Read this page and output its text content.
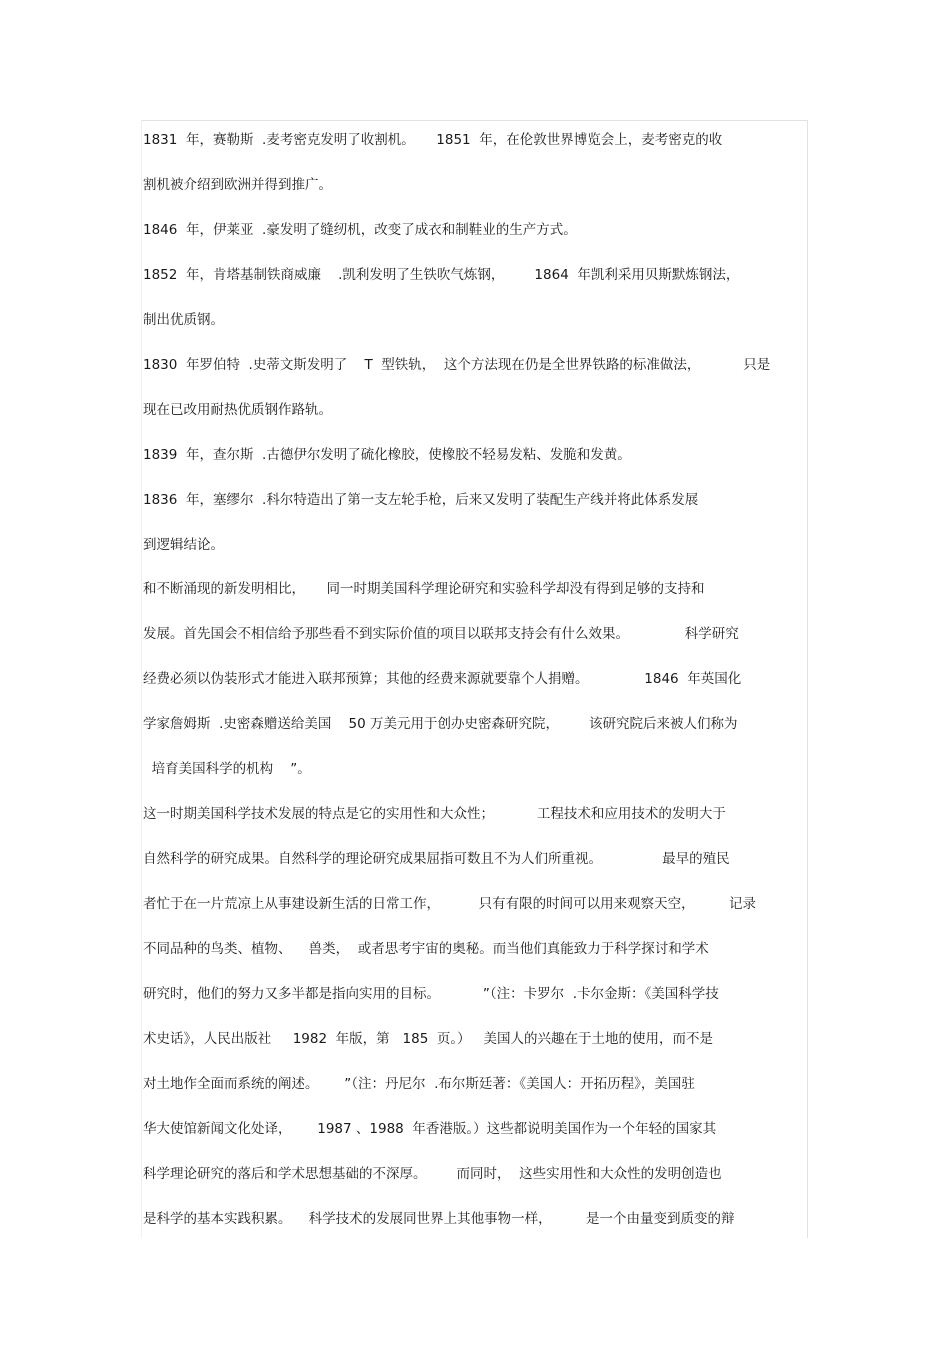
1831  年，赛勒斯  .麦考密克发明了收割机。     1851  年，在伦敦世界博览会上，麦考密克的收
割机被介绍到欧洲并得到推广。
1846  年，伊莱亚  .豪发明了缝纫机，改变了成衣和制鞋业的生产方式。
1852  年，肯塔基制铁商威廉    .凯利发明了生铁吹气炼钢，       1864  年凯利采用贝斯默炼钢法，
制出优质钢。
1830  年罗伯特  .史蒂文斯发明了    T  型铁轨，  这个方法现在仍是全世界铁路的标准做法，          只是
现在已改用耐热优质钢作路轨。
1839  年，查尔斯  .古德伊尔发明了硫化橡胶，使橡胶不轻易发粘、发脆和发黄。
1836  年，塞缪尔  .科尔特造出了第一支左轮手枪，后来又发明了装配生产线并将此体系发展
到逻辑结论。
和不断涌现的新发明相比，     同一时期美国科学理论研究和实验科学却没有得到足够的支持和
发展。首先国会不相信给予那些看不到实际价值的项目以联邦支持会有什么效果。             科学研究
经费必须以伪装形式才能进入联邦预算；其他的经费来源就要靠个人捐赠。             1846  年英国化
学家詹姆斯  .史密森赠送给美国    50 万美元用于创办史密森研究院，       该研究院后来被人们称为
培育美国科学的机构    ”。
这一时期美国科学技术发展的特点是它的实用性和大众性；          工程技术和应用技术的发明大于
自然科学的研究成果。自然科学的理论研究成果屈指可数且不为人们所重视。              最早的殖民
者忙于在一片荒凉上从事建设新生活的日常工作，         只有有限的时间可以用来观察天空，        记录
不同品种的鸟类、植物、    兽类，  或者思考宇宙的奥秘。而当他们真能致力于科学探讨和学术
研究时，他们的努力又多半都是指向实用的目标。          ”（注：卡罗尔  .卡尔金斯：《美国科学技
术史话》，人民出版社     1982  年版，第   185  页。）   美国人的兴趣在于土地的使用，而不是
对土地作全面而系统的阐述。      ”（注：丹尼尔  .布尔斯廷著：《美国人：开拓历程》，美国驻
华大使馆新闻文化处译，      1987 、1988  年香港版。）这些都说明美国作为一个年轻的国家其
科学理论研究的落后和学术思想基础的不深厚。       而同时，  这些实用性和大众性的发明创造也
是科学的基本实践积累。    科学技术的发展同世界上其他事物一样，        是一个由量变到质变的辩
